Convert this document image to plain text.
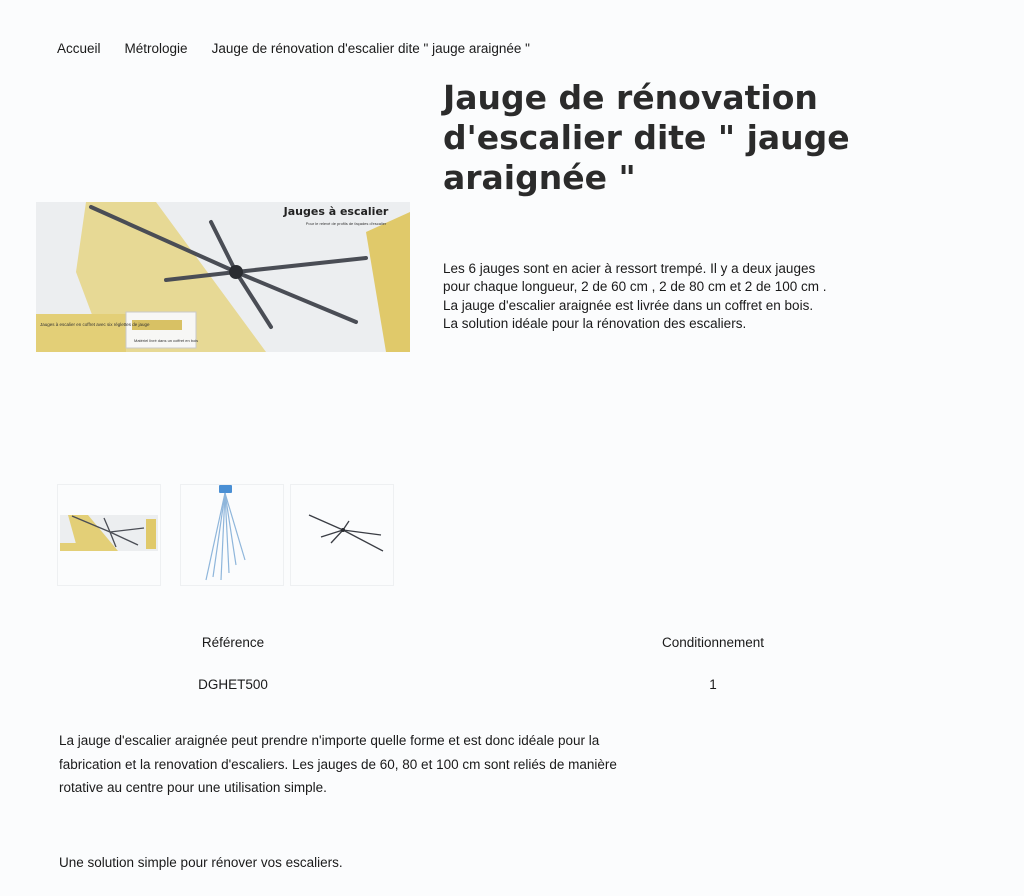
Accueil Métrologie Jauge de rénovation d'escalier dite " jauge araignée "
Jauge de rénovation d'escalier dite " jauge araignée "
Jauges à escalier
Pour le relevé de profils de façades d'escalier
Jauges à escalier en coffret avec six réglettes de jauge
Matériel livré dans un coffret en bois

Les 6 jauges sont en acier à ressort trempé. Il y a deux jauges

pour chaque longueur, 2 de 60 cm , 2 de 80 cm et 2 de 100 cm .

La jauge d'escalier araignée est livrée dans un coffret en bois.

La solution idéale pour la rénovation des escaliers.

Référence	Conditionnement
DGHET500	1
La jauge d'escalier araignée peut prendre n'importe quelle forme et est donc idéale pour la
fabrication et la renovation d'escaliers. Les jauges de 60, 80 et 100 cm sont reliés de manière
rotative au centre pour une utilisation simple.
Une solution simple pour rénover vos escaliers.
